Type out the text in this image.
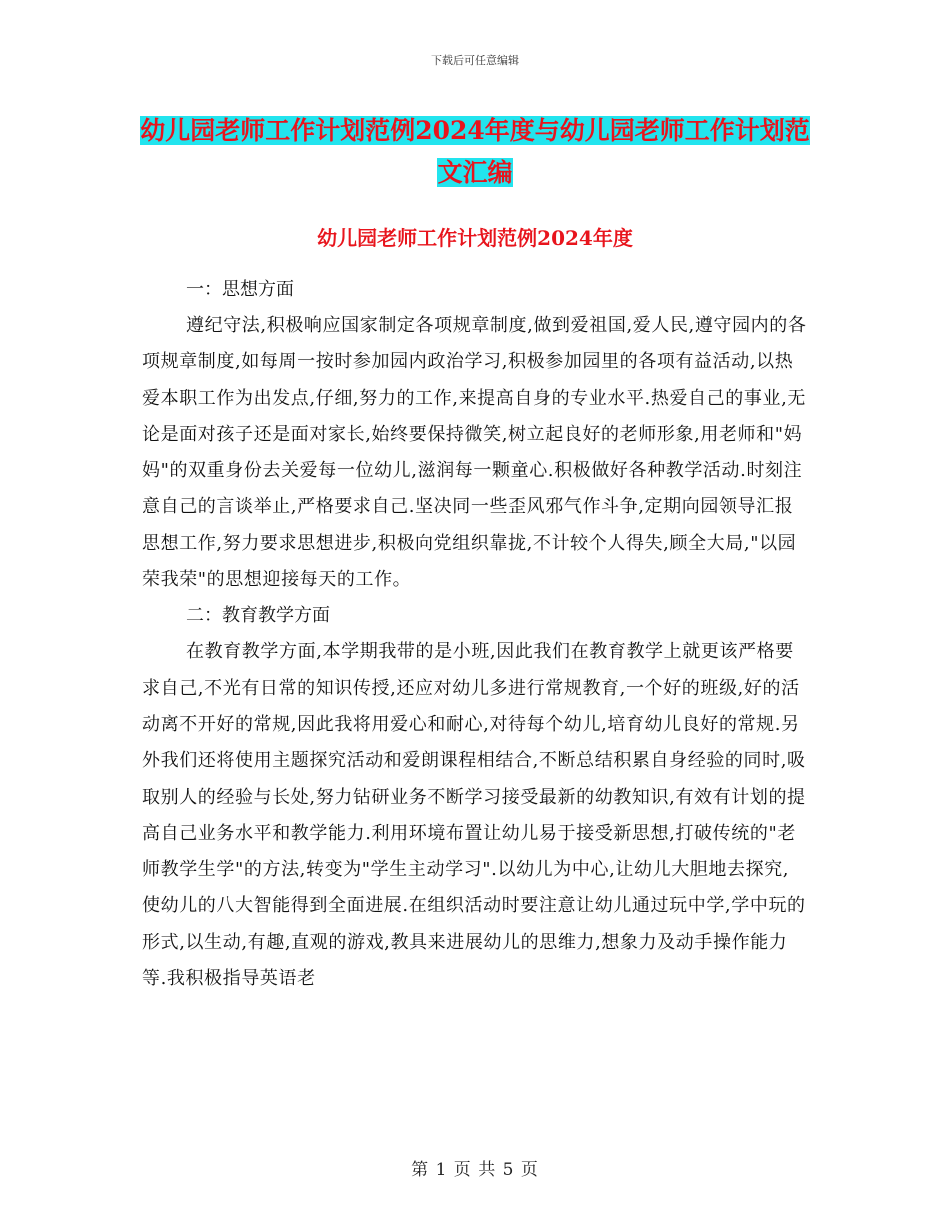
下载后可任意编辑
幼儿园老师工作计划范例2024年度与幼儿园老师工作计划范文汇编
幼儿园老师工作计划范例2024年度

一：思想方面

遵纪守法,积极响应国家制定各项规章制度,做到爱祖国,爱人民,遵守园内的各项规章制度,如每周一按时参加园内政治学习,积极参加园里的各项有益活动,以热爱本职工作为出发点,仔细,努力的工作,来提高自身的专业水平.热爱自己的事业,无论是面对孩子还是面对家长,始终要保持微笑,树立起良好的老师形象,用老师和"妈妈"的双重身份去关爱每一位幼儿,滋润每一颗童心.积极做好各种教学活动.时刻注意自己的言谈举止,严格要求自己.坚决同一些歪风邪气作斗争,定期向园领导汇报思想工作,努力要求思想进步,积极向党组织靠拢,不计较个人得失,顾全大局,"以园荣我荣"的思想迎接每天的工作。

二：教育教学方面

在教育教学方面,本学期我带的是小班,因此我们在教育教学上就更该严格要求自己,不光有日常的知识传授,还应对幼儿多进行常规教育,一个好的班级,好的活动离不开好的常规,因此我将用爱心和耐心,对待每个幼儿,培育幼儿良好的常规.另外我们还将使用主题探究活动和爱朗课程相结合,不断总结积累自身经验的同时,吸取别人的经验与长处,努力钻研业务不断学习接受最新的幼教知识,有效有计划的提高自己业务水平和教学能力.利用环境布置让幼儿易于接受新思想,打破传统的"老师教学生学"的方法,转变为"学生主动学习".以幼儿为中心,让幼儿大胆地去探究,使幼儿的八大智能得到全面进展.在组织活动时要注意让幼儿通过玩中学,学中玩的形式,以生动,有趣,直观的游戏,教具来进展幼儿的思维力,想象力及动手操作能力等.我积极指导英语老

第 1 页 共 5 页
